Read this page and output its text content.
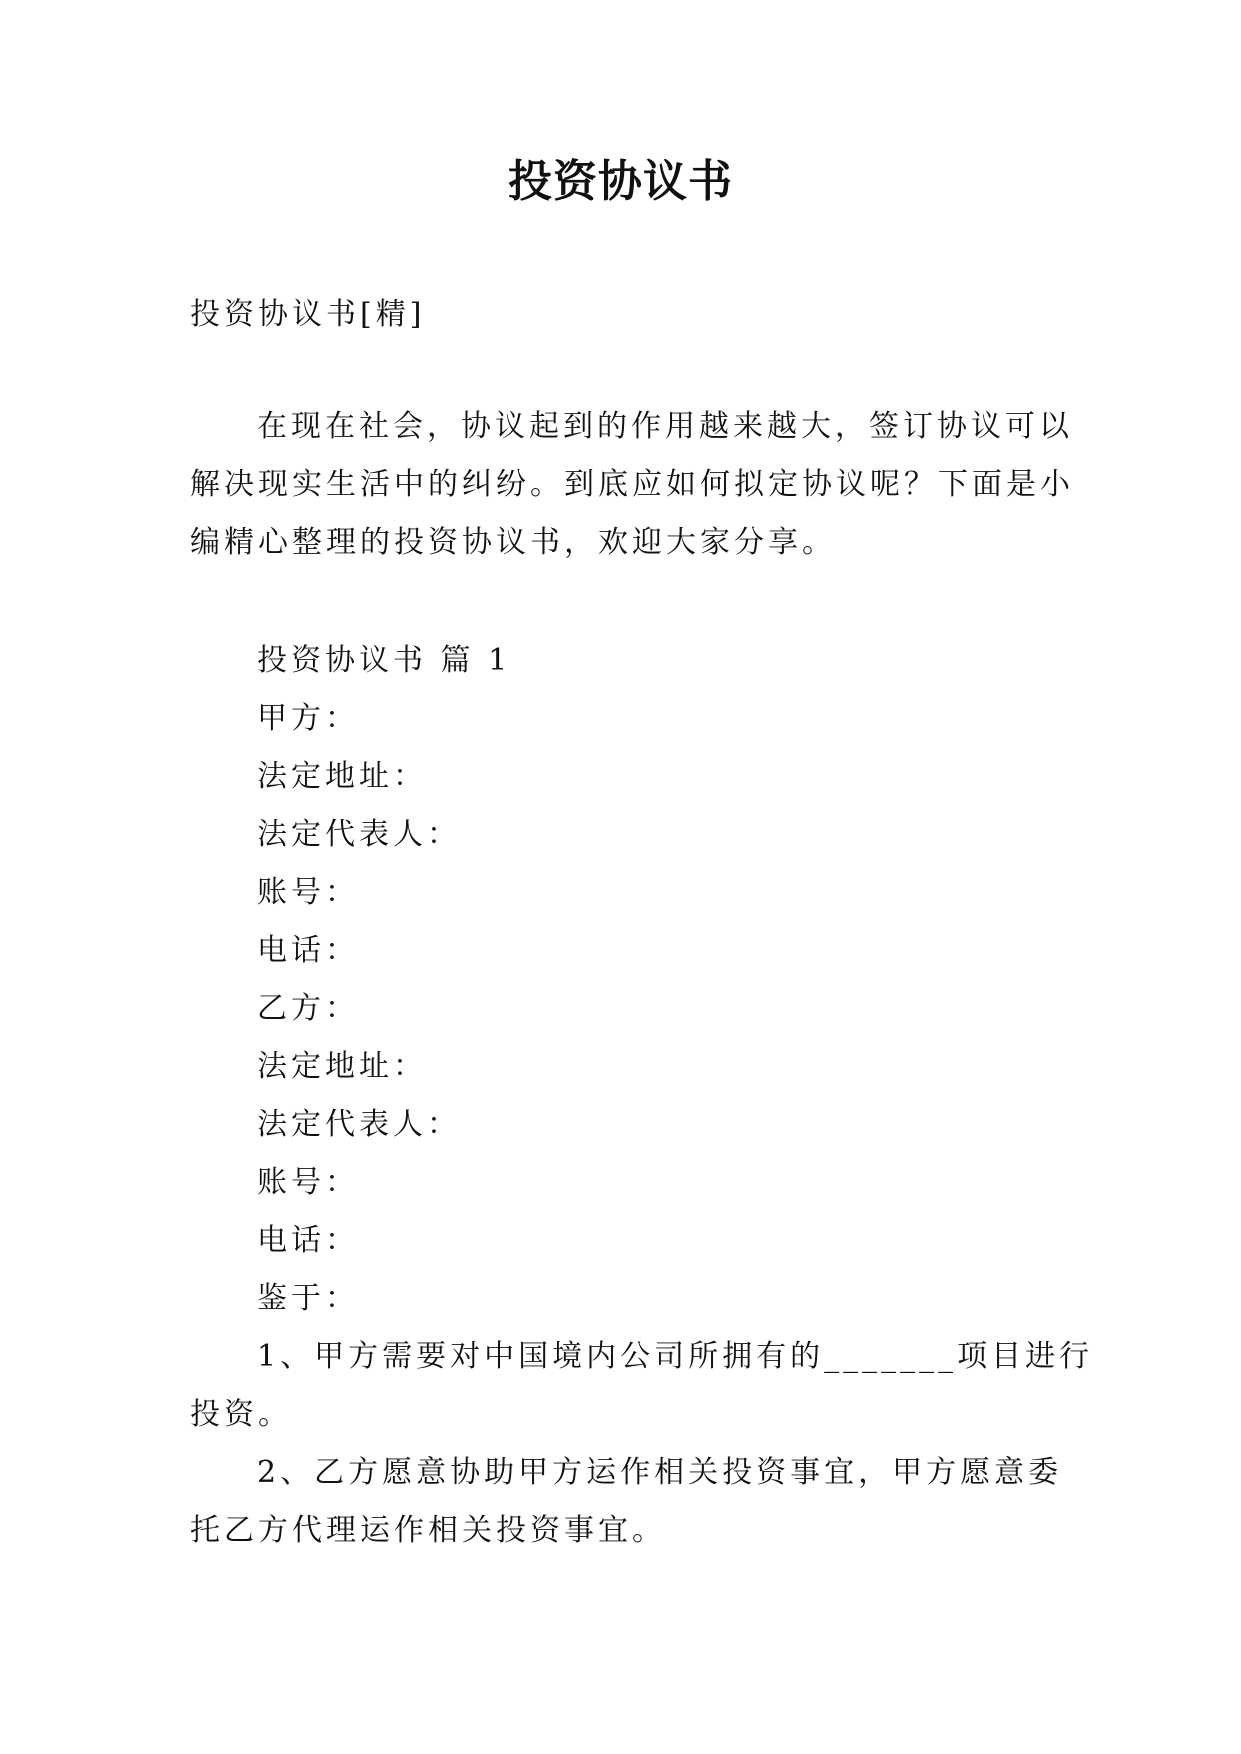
投资协议书
投资协议书[精]
在现在社会，协议起到的作用越来越大，签订协议可以
解决现实生活中的纠纷。到底应如何拟定协议呢？下面是小
编精心整理的投资协议书，欢迎大家分享。
投资协议书 篇 1
甲方：
法定地址：
法定代表人：
账号：
电话：
乙方：
法定地址：
法定代表人：
账号：
电话：
鉴于：
1、甲方需要对中国境内公司所拥有的_______项目进行
投资。
2、乙方愿意协助甲方运作相关投资事宜，甲方愿意委
托乙方代理运作相关投资事宜。
